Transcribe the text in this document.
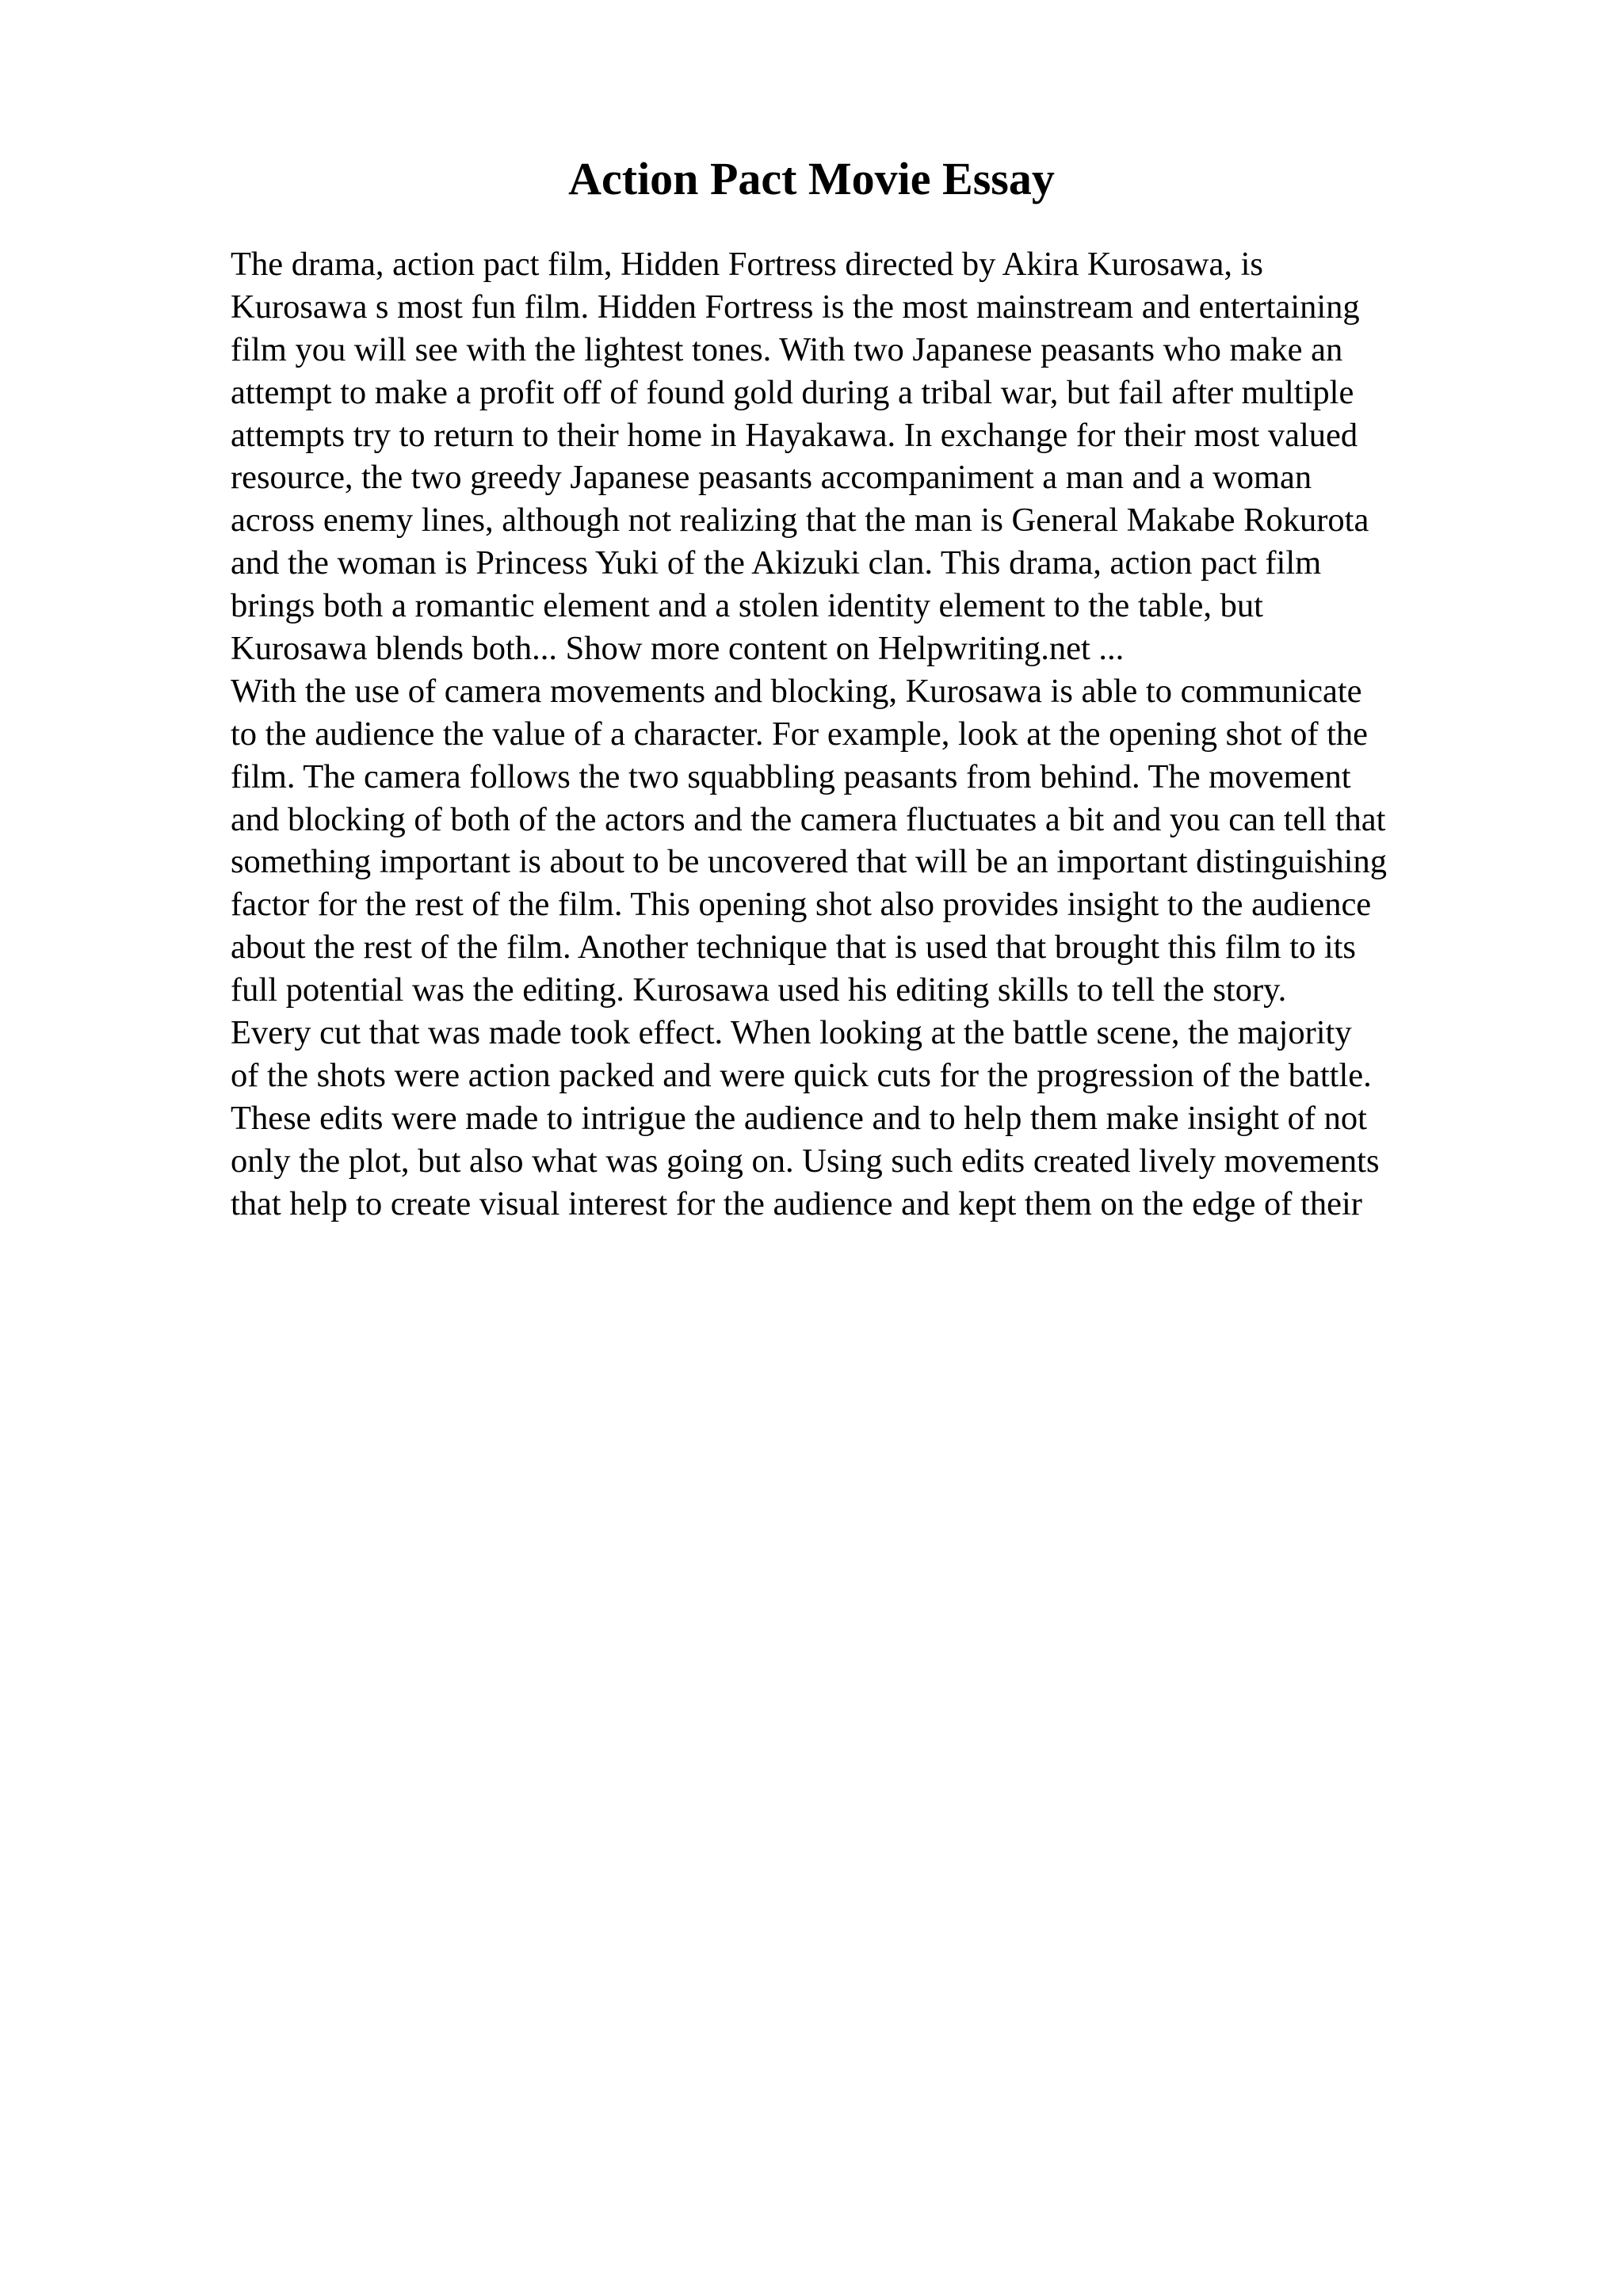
Action Pact Movie Essay
The drama, action pact film, Hidden Fortress directed by Akira Kurosawa, is
Kurosawa s most fun film. Hidden Fortress is the most mainstream and entertaining
film you will see with the lightest tones. With two Japanese peasants who make an
attempt to make a profit off of found gold during a tribal war, but fail after multiple
attempts try to return to their home in Hayakawa. In exchange for their most valued
resource, the two greedy Japanese peasants accompaniment a man and a woman
across enemy lines, although not realizing that the man is General Makabe Rokurota
and the woman is Princess Yuki of the Akizuki clan. This drama, action pact film
brings both a romantic element and a stolen identity element to the table, but
Kurosawa blends both... Show more content on Helpwriting.net ...
With the use of camera movements and blocking, Kurosawa is able to communicate
to the audience the value of a character. For example, look at the opening shot of the
film. The camera follows the two squabbling peasants from behind. The movement
and blocking of both of the actors and the camera fluctuates a bit and you can tell that
something important is about to be uncovered that will be an important distinguishing
factor for the rest of the film. This opening shot also provides insight to the audience
about the rest of the film. Another technique that is used that brought this film to its
full potential was the editing. Kurosawa used his editing skills to tell the story.
Every cut that was made took effect. When looking at the battle scene, the majority
of the shots were action packed and were quick cuts for the progression of the battle.
These edits were made to intrigue the audience and to help them make insight of not
only the plot, but also what was going on. Using such edits created lively movements
that help to create visual interest for the audience and kept them on the edge of their
